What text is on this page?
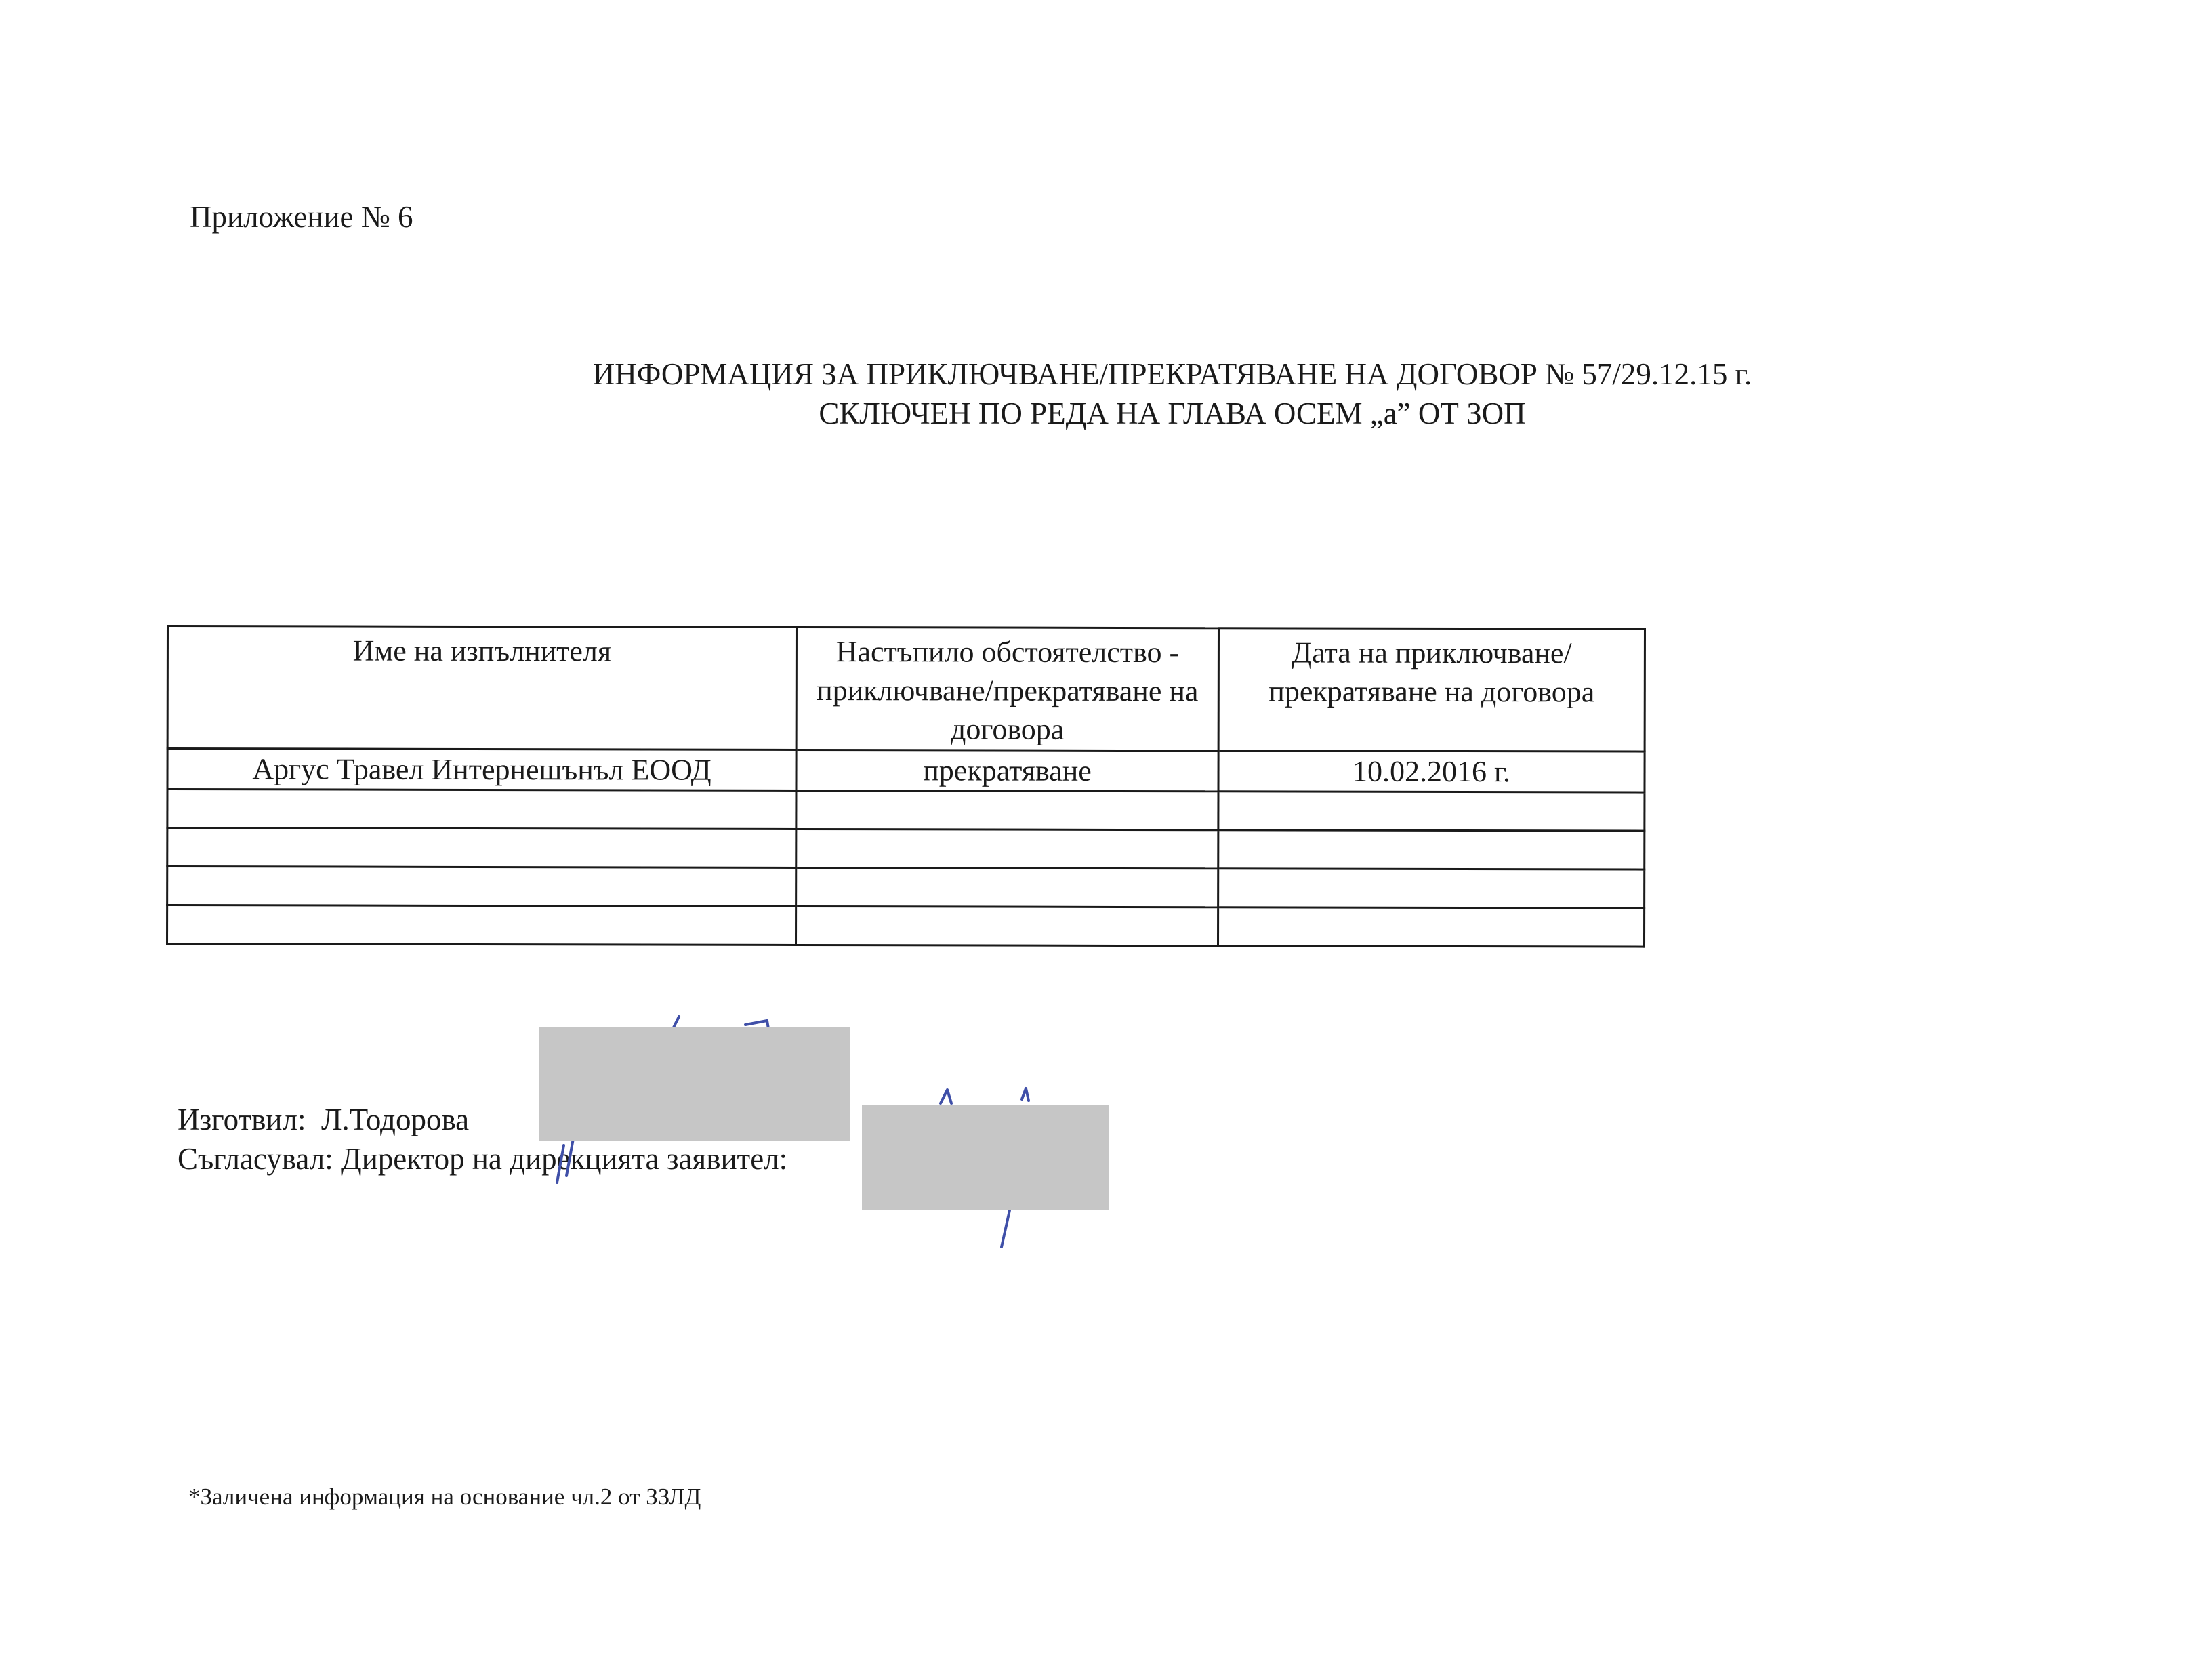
Приложение № 6
ИНФОРМАЦИЯ ЗА ПРИКЛЮЧВАНЕ/ПРЕКРАТЯВАНЕ НА ДОГОВОР № 57/29.12.15 г.
СКЛЮЧЕН ПО РЕДА НА ГЛАВА ОСЕМ „а” ОТ ЗОП
Име на изпълнителя	Настъпило обстоятелство - приключване/прекратяване на договора	Дата на приключване/прекратяване на договора
Аргус Травел Интернешънъл ЕООД	прекратяване	10.02.2016 г.

Изготвил: Л.Тодорова
Съгласувал: Директор на дирекцията заявител:
*Заличена информация на основание чл.2 от ЗЗЛД
